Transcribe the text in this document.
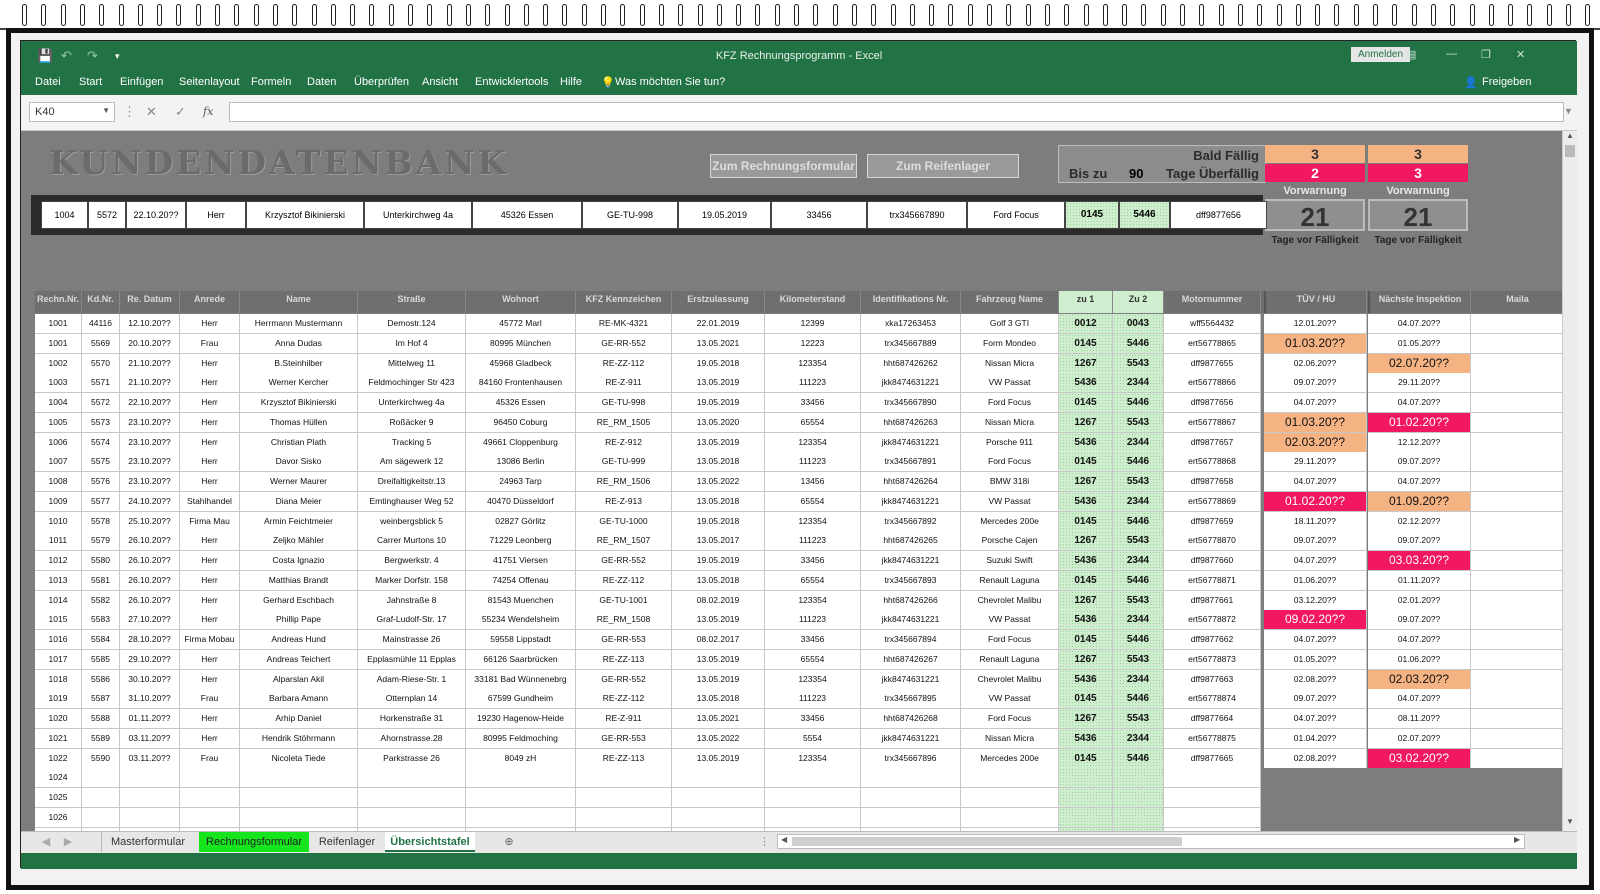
💾 ↶ ↷ ▾	KFZ Rechnungsprogramm - Excel	Anmelden ▤	— ❐ ✕
Datei Start Einfügen Seitenlayout Formeln Daten Überprüfen Ansicht Entwicklertools Hilfe 💡 Was möchten Sie tun?	👤 Freigeben
K40	▼ ⋮ ✕ ✓ fx	▼
KUNDENDATENBANK	Zum Rechnungsformular	Zum Reifenlager
Bald Fällig
Bis zu 90 Tage Überfällig
3	3
2	3
Vorwarnung	Vorwarnung
21	21
Tage vor Fälligkeit	Tage vor Fälligkeit
1004	5572	22.10.20??	Herr	Krzysztof Bikinierski	Unterkirchweg 4a	45326 Essen	GE-TU-998	19.05.2019	33456	trx345667890	Ford Focus	0145	5446	dff9877656
Rechn.Nr. Kd.Nr.	Re. Datum	Anrede	Name	Straße	Wohnort	KFZ Kennzeichen	Erstzulassung	Kilometerstand	Identifikations Nr.	Fahrzeug Name	zu 1	Zu 2	Motornummer	TÜV / HU	Nächste Inspektion	Maila
1001	44116	12.10.20??	Herr	Herrmann Mustermann	Demostr.124	45772 Marl	RE-MK-4321	22.01.2019	12399	xka17263453	Golf 3 GTI	0012	0043	wff5564432	12.01.20??	04.07.20??
1001	5569	20.10.20??	Frau	Anna Dudas	Im Hof 4	80995 München	GE-RR-552	13.05.2021	12223	trx345667889	Form Mondeo	0145	5446	ert56778865	01.03.20??	01.05.20??
1002	5570	21.10.20??	Herr	B.Steinhilber	Mittelweg 11	45968 Gladbeck	RE-ZZ-112	19.05.2018	123354	hht687426262	Nissan Micra	1267	5543	dff9877655	02.06.20??	02.07.20??
1003	5571	21.10.20??	Herr	Werner Kercher	Feldmochinger Str 423	84160 Frontenhausen	RE-Z-911	13.05.2019	111223	jkk8474631221	VW Passat	5436	2344	ert56778866	09.07.20??	29.11.20??
1004	5572	22.10.20??	Herr	Krzysztof Bikinierski	Unterkirchweg 4a	45326 Essen	GE-TU-998	19.05.2019	33456	trx345667890	Ford Focus	0145	5446	dff9877656	04.07.20??	04.07.20??
1005	5573	23.10.20??	Herr	Thomas Hüllen	Roßäcker 9	96450 Coburg	RE_RM_1505	13.05.2020	65554	hht687426263	Nissan Micra	1267	5543	ert56778867	01.03.20??	01.02.20??
1006	5574	23.10.20??	Herr	Christian Plath	Tracking 5	49661 Cloppenburg	RE-Z-912	13.05.2019	123354	jkk8474631221	Porsche 911	5436	2344	dff9877657	02.03.20??	12.12.20??
1007	5575	23.10.20??	Herr	Davor Sisko	Am sägewerk 12	13086 Berlin	GE-TU-999	13.05.2018	111223	trx345667891	Ford Focus	0145	5446	ert56778868	29.11.20??	09.07.20??
1008	5576	23.10.20??	Herr	Werner Maurer	Dreifaltigkeitstr.13	24963 Tarp	RE_RM_1506	13.05.2022	13456	hht687426264	BMW 318i	1267	5543	dff9877658	04.07.20??	04.07.20??
1009	5577	24.10.20??	Stahlhandel	Diana Meier	Emtinghauser Weg 52	40470 Düsseldorf	RE-Z-913	13.05.2018	65554	jkk8474631221	VW Passat	5436	2344	ert56778869	01.02.20??	01.09.20??
1010	5578	25.10.20??	Firma Mau	Armin Feichtmeier	weinbergsblick 5	02827 Görlitz	GE-TU-1000	19.05.2018	123354	trx345667892	Mercedes 200e	0145	5446	dff9877659	18.11.20??	02.12.20??
1011	5579	26.10.20??	Herr	Zeljko Mähler	Carrer Murtons 10	71229 Leonberg	RE_RM_1507	13.05.2017	111223	hht687426265	Porsche Cajen	1267	5543	ert56778870	09.07.20??	09.07.20??
1012	5580	26.10.20??	Herr	Costa Ignazio	Bergwerkstr. 4	41751 Viersen	GE-RR-552	19.05.2019	33456	jkk8474631221	Suzuki Swift	5436	2344	dff9877660	04.07.20??	03.03.20??
1013	5581	26.10.20??	Herr	Matthias Brandt	Marker Dorfstr. 158	74254 Offenau	RE-ZZ-112	13.05.2018	65554	trx345667893	Renault Laguna	0145	5446	ert56778871	01.06.20??	01.11.20??
1014	5582	26.10.20??	Herr	Gerhard Eschbach	Jahnstraße 8	81543 Muenchen	GE-TU-1001	08.02.2019	123354	hht687426266	Chevrolet Malibu	1267	5543	dff9877661	03.12.20??	02.01.20??
1015	5583	27.10.20??	Herr	Phillip Pape	Graf-Ludolf-Str. 17	55234 Wendelsheim	RE_RM_1508	13.05.2019	111223	jkk8474631221	VW Passat	5436	2344	ert56778872	09.02.20??	09.07.20??
1016	5584	28.10.20??	Firma Mobau	Andreas Hund	Mainstrasse 26	59558 Lippstadt	GE-RR-553	08.02.2017	33456	trx345667894	Ford Focus	0145	5446	dff9877662	04.07.20??	04.07.20??
1017	5585	29.10.20??	Herr	Andreas Teichert	Epplasmühle 11 Epplas	66126 Saarbrücken	RE-ZZ-113	13.05.2019	65554	hht687426267	Renault Laguna	1267	5543	ert56778873	01.05.20??	01.06.20??
1018	5586	30.10.20??	Herr	Alparslan Akil	Adam-Riese-Str. 1	33181 Bad Wünnenebrg	GE-RR-552	13.05.2019	123354	jkk8474631221	Chevrolet Malibu	5436	2344	dff9877663	02.08.20??	02.03.20??
1019	5587	31.10.20??	Frau	Barbara Amann	Otternplan 14	67599 Gundheim	RE-ZZ-112	13.05.2018	111223	trx345667895	VW Passat	0145	5446	ert56778874	09.07.20??	04.07.20??
1020	5588	01.11.20??	Herr	Arhip Daniel	Horkenstraße 31	19230 Hagenow-Heide	RE-Z-911	13.05.2021	33456	hht687426268	Ford Focus	1267	5543	dff9877664	04.07.20??	08.11.20??
1021	5589	03.11.20??	Herr	Hendrik Stöhrmann	Ahornstrasse.28	80995 Feldmoching	GE-RR-553	13.05.2022	5554	jkk8474631221	Nissan Micra	5436	2344	ert56778875	01.04.20??	02.07.20??
1022	5590	03.11.20??	Frau	Nicoleta Tiede	Parkstrasse 26	8049 zH	RE-ZZ-113	13.05.2019	123354	trx345667896	Mercedes 200e	0145	5446	dff9877665	02.08.20??	03.02.20??
1024
1025
1026
▲
▼
◀ ▶	Masterformular	Rechnungsformular	Reifenlager	Übersichtstafel	⊕	⋮ ◀	▶
